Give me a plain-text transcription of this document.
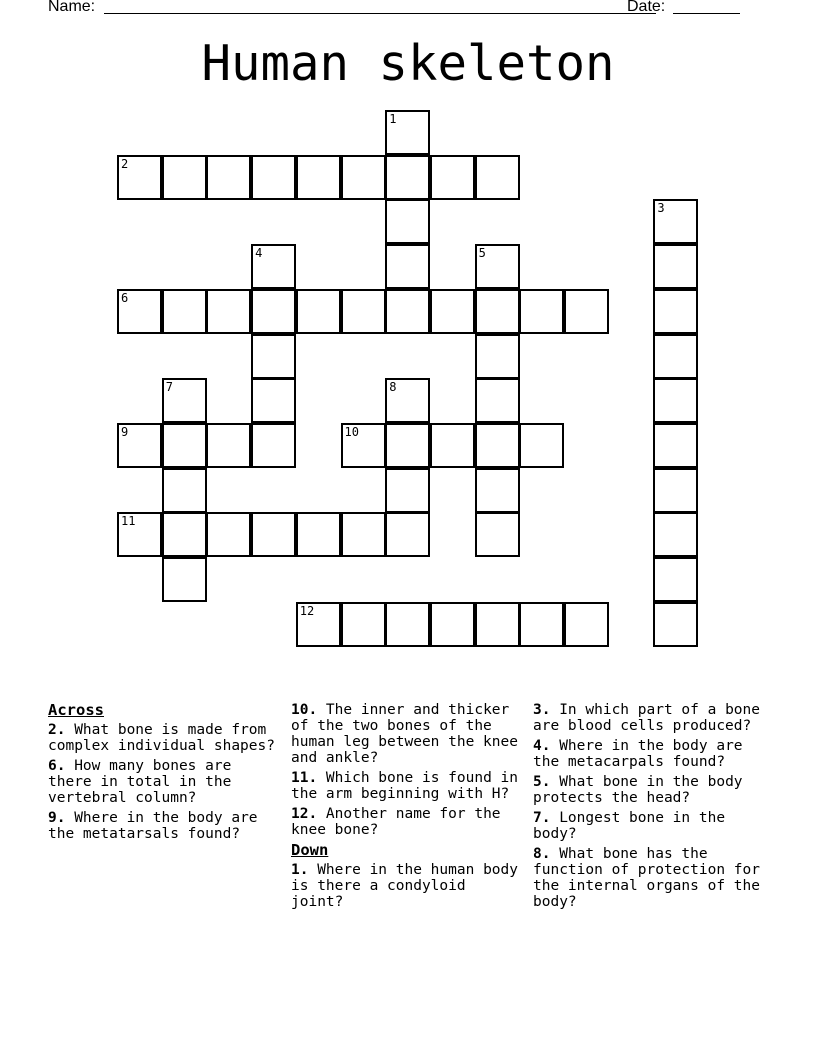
Name:	Date:
Human skeleton
1
2
3
4	5
6
7	8
9	10
11
12
Across
2. What bone is made from complex individual shapes?
6. How many bones are there in total in the vertebral column?
9. Where in the body are the metatarsals found?
10. The inner and thicker of the two bones of the human leg between the knee and ankle?
11. Which bone is found in the arm beginning with H?
12. Another name for the knee bone?
Down
1. Where in the human body is there a condyloid joint?
3. In which part of a bone are blood cells produced?
4. Where in the body are the metacarpals found?
5. What bone in the body protects the head?
7. Longest bone in the body?
8. What bone has the function of protection for the internal organs of the body?
